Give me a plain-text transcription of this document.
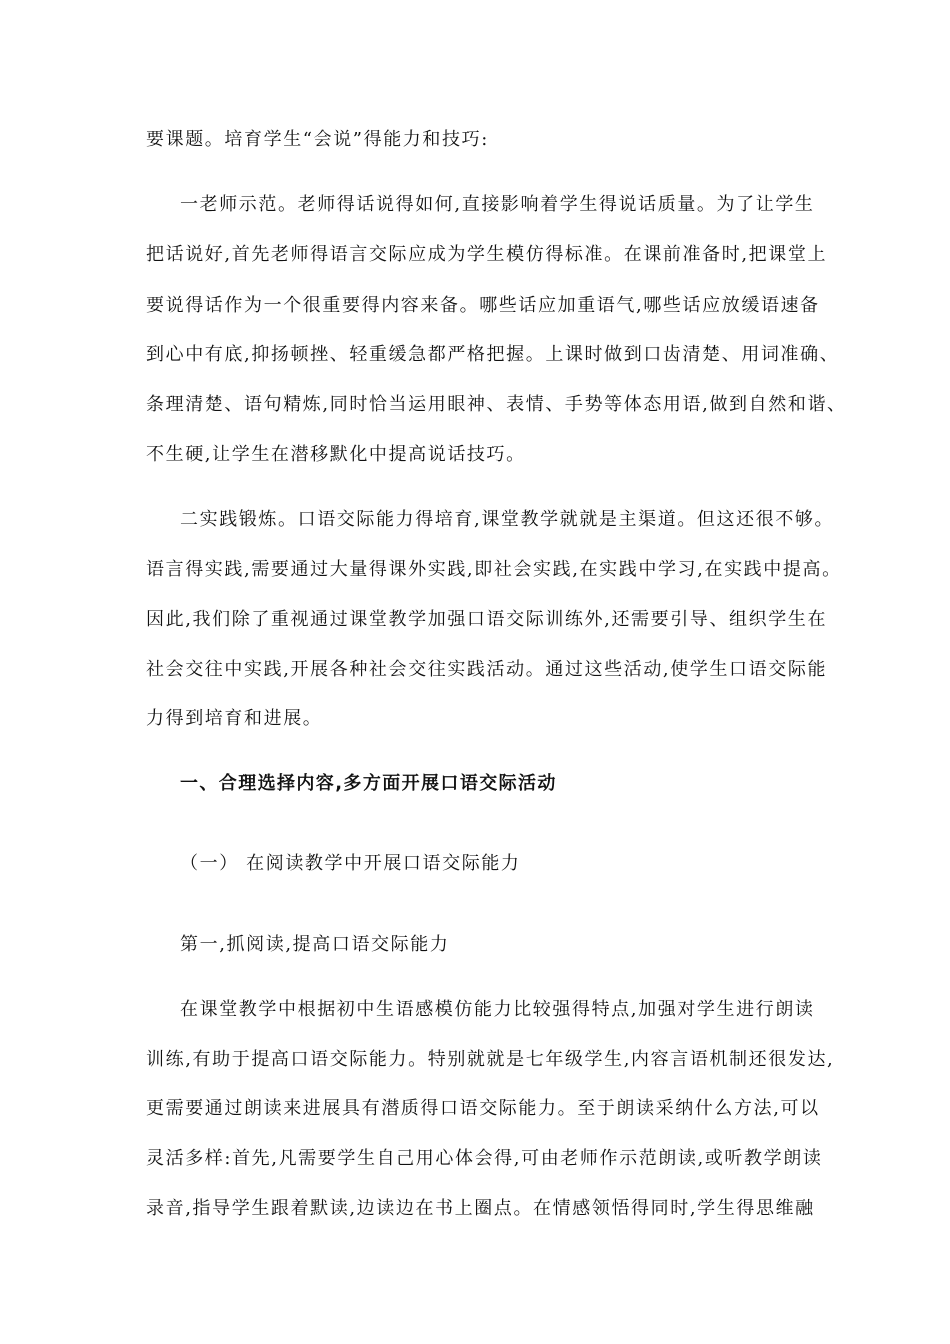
要课题。培育学生“会说”得能力和技巧:
一老师示范。老师得话说得如何,直接影响着学生得说话质量。为了让学生
把话说好,首先老师得语言交际应成为学生模仿得标准。在课前准备时,把课堂上
要说得话作为一个很重要得内容来备。哪些话应加重语气,哪些话应放缓语速备
到心中有底,抑扬顿挫、轻重缓急都严格把握。上课时做到口齿清楚、用词准确、
条理清楚、语句精炼,同时恰当运用眼神、表情、手势等体态用语,做到自然和谐、
不生硬,让学生在潜移默化中提高说话技巧。
二实践锻炼。口语交际能力得培育,课堂教学就就是主渠道。但这还很不够。
语言得实践,需要通过大量得课外实践,即社会实践,在实践中学习,在实践中提高。
因此,我们除了重视通过课堂教学加强口语交际训练外,还需要引导、组织学生在
社会交往中实践,开展各种社会交往实践活动。通过这些活动,使学生口语交际能
力得到培育和进展。
一、合理选择内容,多方面开展口语交际活动
（一） 在阅读教学中开展口语交际能力
第一,抓阅读,提高口语交际能力
在课堂教学中根据初中生语感模仿能力比较强得特点,加强对学生进行朗读
训练,有助于提高口语交际能力。特别就就是七年级学生,内容言语机制还很发达,
更需要通过朗读来进展具有潜质得口语交际能力。至于朗读采纳什么方法,可以
灵活多样:首先,凡需要学生自己用心体会得,可由老师作示范朗读,或听教学朗读
录音,指导学生跟着默读,边读边在书上圈点。在情感领悟得同时,学生得思维融
